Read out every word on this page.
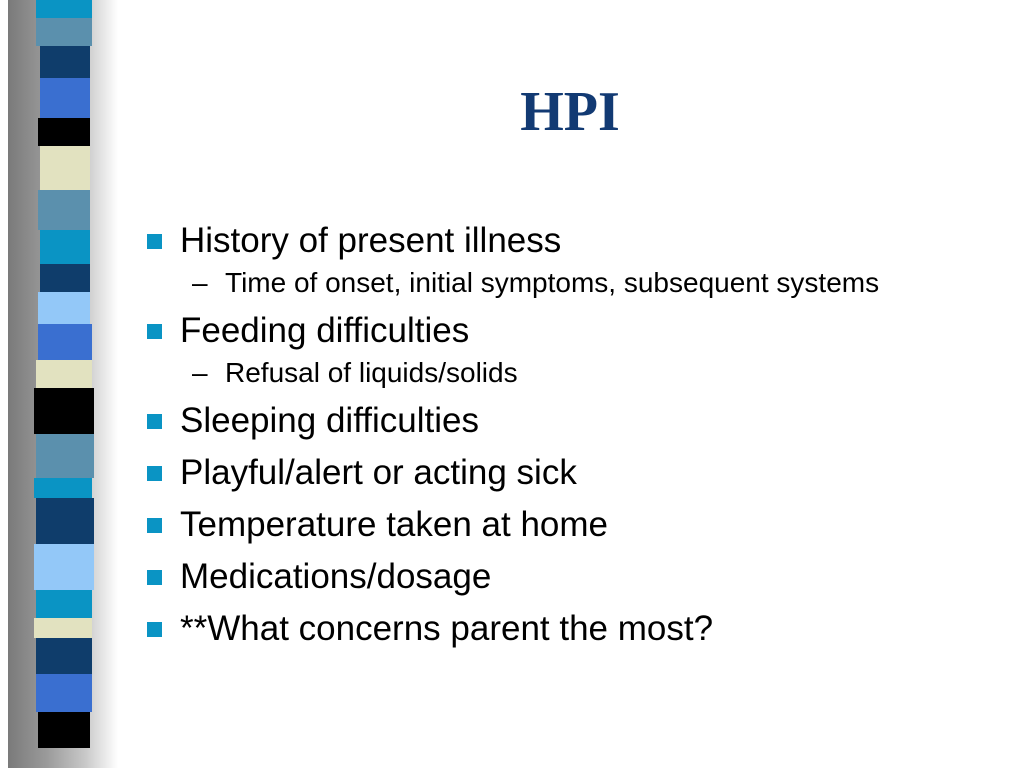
HPI
History of present illness
– Time of onset, initial symptoms, subsequent systems
Feeding difficulties
– Refusal of liquids/solids
Sleeping difficulties
Playful/alert or acting sick
Temperature taken at home
Medications/dosage
**What concerns parent the most?
